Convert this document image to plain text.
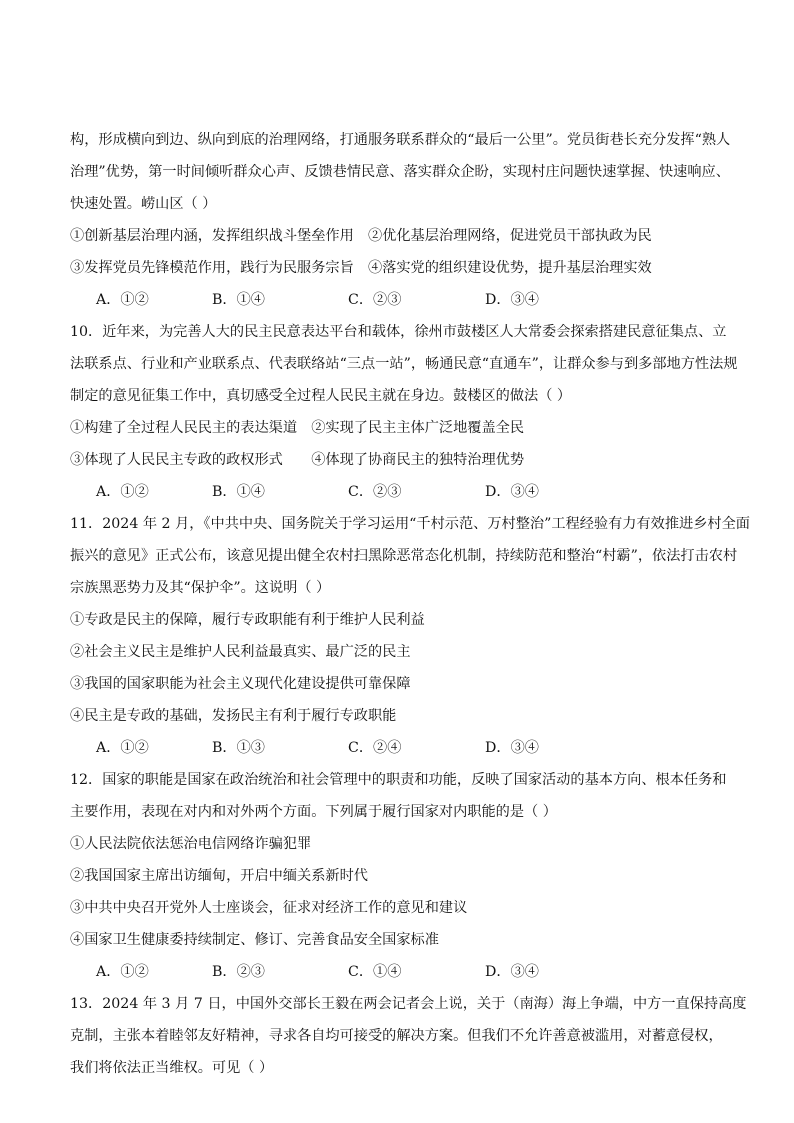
构，形成横向到边、纵向到底的治理网络，打通服务联系群众的“最后一公里”。党员街巷长充分发挥“熟人
治理”优势，第一时间倾听群众心声、反馈巷情民意、落实群众企盼，实现村庄问题快速掌握、快速响应、
快速处置。崂山区（ ）
①创新基层治理内涵，发挥组织战斗堡垒作用　②优化基层治理网络，促进党员干部执政为民
③发挥党员先锋模范作用，践行为民服务宗旨　④落实党的组织建设优势，提升基层治理实效
A．①②	B．①④	C．②③	D．③④
10．近年来，为完善人大的民主民意表达平台和载体，徐州市鼓楼区人大常委会探索搭建民意征集点、立
法联系点、行业和产业联系点、代表联络站“三点一站”，畅通民意“直通车”，让群众参与到多部地方性法规
制定的意见征集工作中，真切感受全过程人民民主就在身边。鼓楼区的做法（ ）
①构建了全过程人民民主的表达渠道　②实现了民主主体广泛地覆盖全民
③体现了人民民主专政的政权形式　　④体现了协商民主的独特治理优势
A．①②	B．①④	C．②③	D．③④
11．2024 年 2 月，《中共中央、国务院关于学习运用“千村示范、万村整治”工程经验有力有效推进乡村全面
振兴的意见》正式公布，该意见提出健全农村扫黑除恶常态化机制，持续防范和整治“村霸”，依法打击农村
宗族黑恶势力及其“保护伞”。这说明（ ）
①专政是民主的保障，履行专政职能有利于维护人民利益
②社会主义民主是维护人民利益最真实、最广泛的民主
③我国的国家职能为社会主义现代化建设提供可靠保障
④民主是专政的基础，发扬民主有利于履行专政职能
A．①②	B．①③	C．②④	D．③④
12．国家的职能是国家在政治统治和社会管理中的职责和功能，反映了国家活动的基本方向、根本任务和
主要作用，表现在对内和对外两个方面。下列属于履行国家对内职能的是（ ）
①人民法院依法惩治电信网络诈骗犯罪
②我国国家主席出访缅甸，开启中缅关系新时代
③中共中央召开党外人士座谈会，征求对经济工作的意见和建议
④国家卫生健康委持续制定、修订、完善食品安全国家标准
A．①②	B．②③	C．①④	D．③④
13．2024 年 3 月 7 日，中国外交部长王毅在两会记者会上说，关于（南海）海上争端，中方一直保持高度
克制，主张本着睦邻友好精神，寻求各自均可接受的解决方案。但我们不允许善意被滥用，对蓄意侵权，
我们将依法正当维权。可见（ ）
